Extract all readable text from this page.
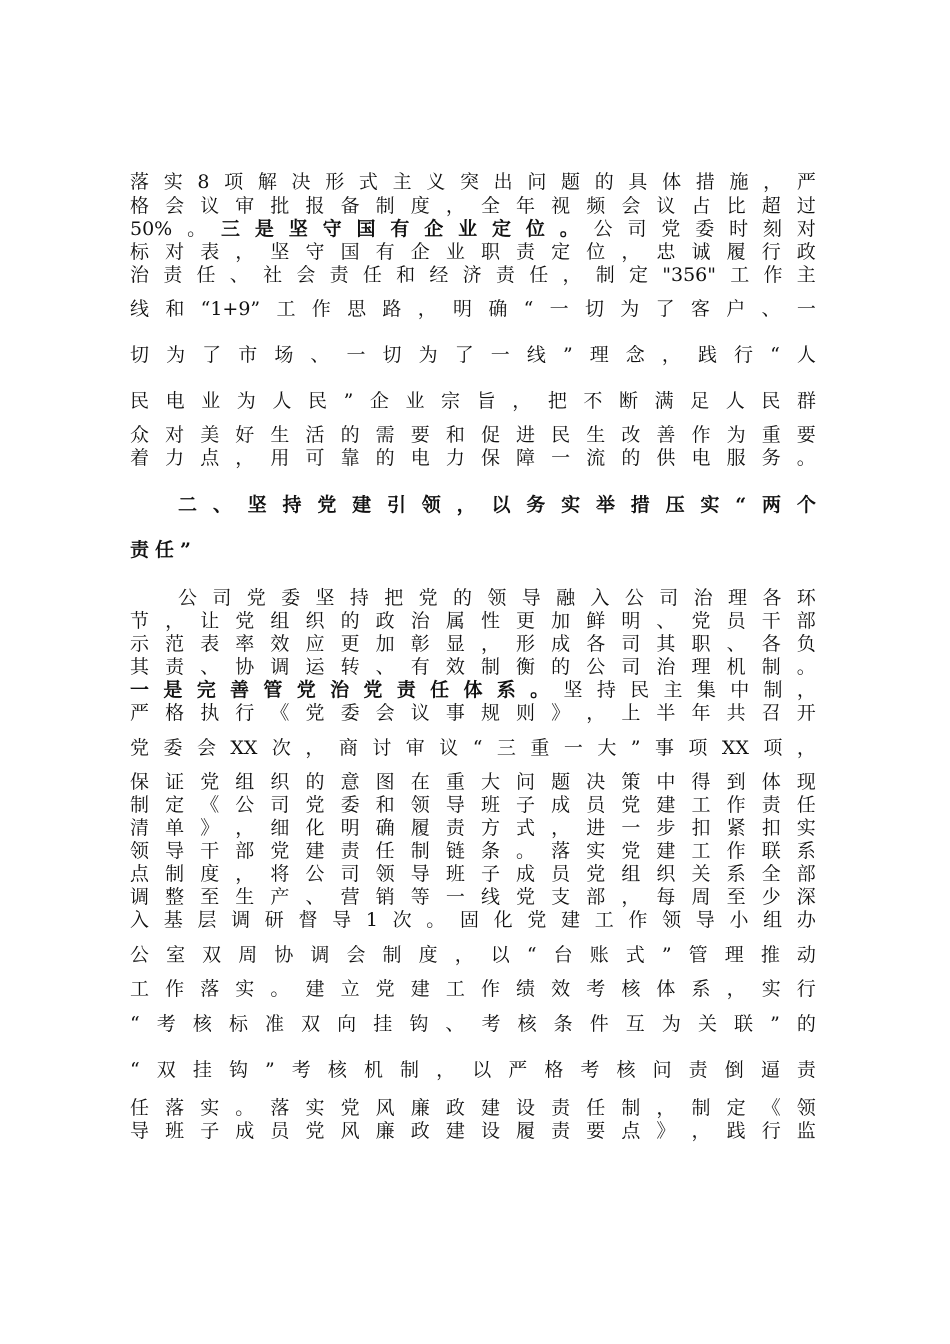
落 实 8 项 解 决 形 式 主 义 突 出 问 题 的 具 体 措 施 ， 严
格 会 议 审 批 报 备 制 度 ， 全 年 视 频 会 议 占 比 超 过
50% 。 三 是 坚 守 国 有 企 业 定 位 。 公 司 党 委 时 刻 对
标 对 表 ， 坚 守 国 有 企 业 职 责 定 位 ， 忠 诚 履 行 政
治 责 任 、 社 会 责 任 和 经 济 责 任 ， 制 定 "356" 工 作 主
线 和 “1+9” 工 作 思 路 ， 明 确 “ 一 切 为 了 客 户 、 一
切 为 了 市 场 、 一 切 为 了 一 线 ” 理 念 ， 践 行 “ 人
民 电 业 为 人 民 ” 企 业 宗 旨 ， 把 不 断 满 足 人 民 群
众 对 美 好 生 活 的 需 要 和 促 进 民 生 改 善 作 为 重 要
着 力 点 ， 用 可 靠 的 电 力 保 障 一 流 的 供 电 服 务 。
二 、 坚 持 党 建 引 领 ， 以 务 实 举 措 压 实 “ 两 个
责 任 ”
公 司 党 委 坚 持 把 党 的 领 导 融 入 公 司 治 理 各 环
节 ， 让 党 组 织 的 政 治 属 性 更 加 鲜 明 、 党 员 干 部
示 范 表 率 效 应 更 加 彰 显 ， 形 成 各 司 其 职 、 各 负
其 责 、 协 调 运 转 、 有 效 制 衡 的 公 司 治 理 机 制 。
一 是 完 善 管 党 治 党 责 任 体 系 。 坚 持 民 主 集 中 制 ，
严 格 执 行 《 党 委 会 议 事 规 则 》 ， 上 半 年 共 召 开
党 委 会 XX 次 ， 商 讨 审 议 “ 三 重 一 大 ” 事 项 XX 项 ，
保 证 党 组 织 的 意 图 在 重 大 问 题 决 策 中 得 到 体 现
制 定 《 公 司 党 委 和 领 导 班 子 成 员 党 建 工 作 责 任
清 单 》 ， 细 化 明 确 履 责 方 式 ， 进 一 步 扣 紧 扣 实
领 导 干 部 党 建 责 任 制 链 条 。 落 实 党 建 工 作 联 系
点 制 度 ， 将 公 司 领 导 班 子 成 员 党 组 织 关 系 全 部
调 整 至 生 产 、 营 销 等 一 线 党 支 部 ， 每 周 至 少 深
入 基 层 调 研 督 导 1 次 。 固 化 党 建 工 作 领 导 小 组 办
公 室 双 周 协 调 会 制 度 ， 以 “ 台 账 式 ” 管 理 推 动
工 作 落 实 。 建 立 党 建 工 作 绩 效 考 核 体 系 ， 实 行
“ 考 核 标 准 双 向 挂 钩 、 考 核 条 件 互 为 关 联 ” 的
“ 双 挂 钩 ” 考 核 机 制 ， 以 严 格 考 核 问 责 倒 逼 责
任 落 实 。 落 实 党 风 廉 政 建 设 责 任 制 ， 制 定 《 领
导 班 子 成 员 党 风 廉 政 建 设 履 责 要 点 》 ， 践 行 监
